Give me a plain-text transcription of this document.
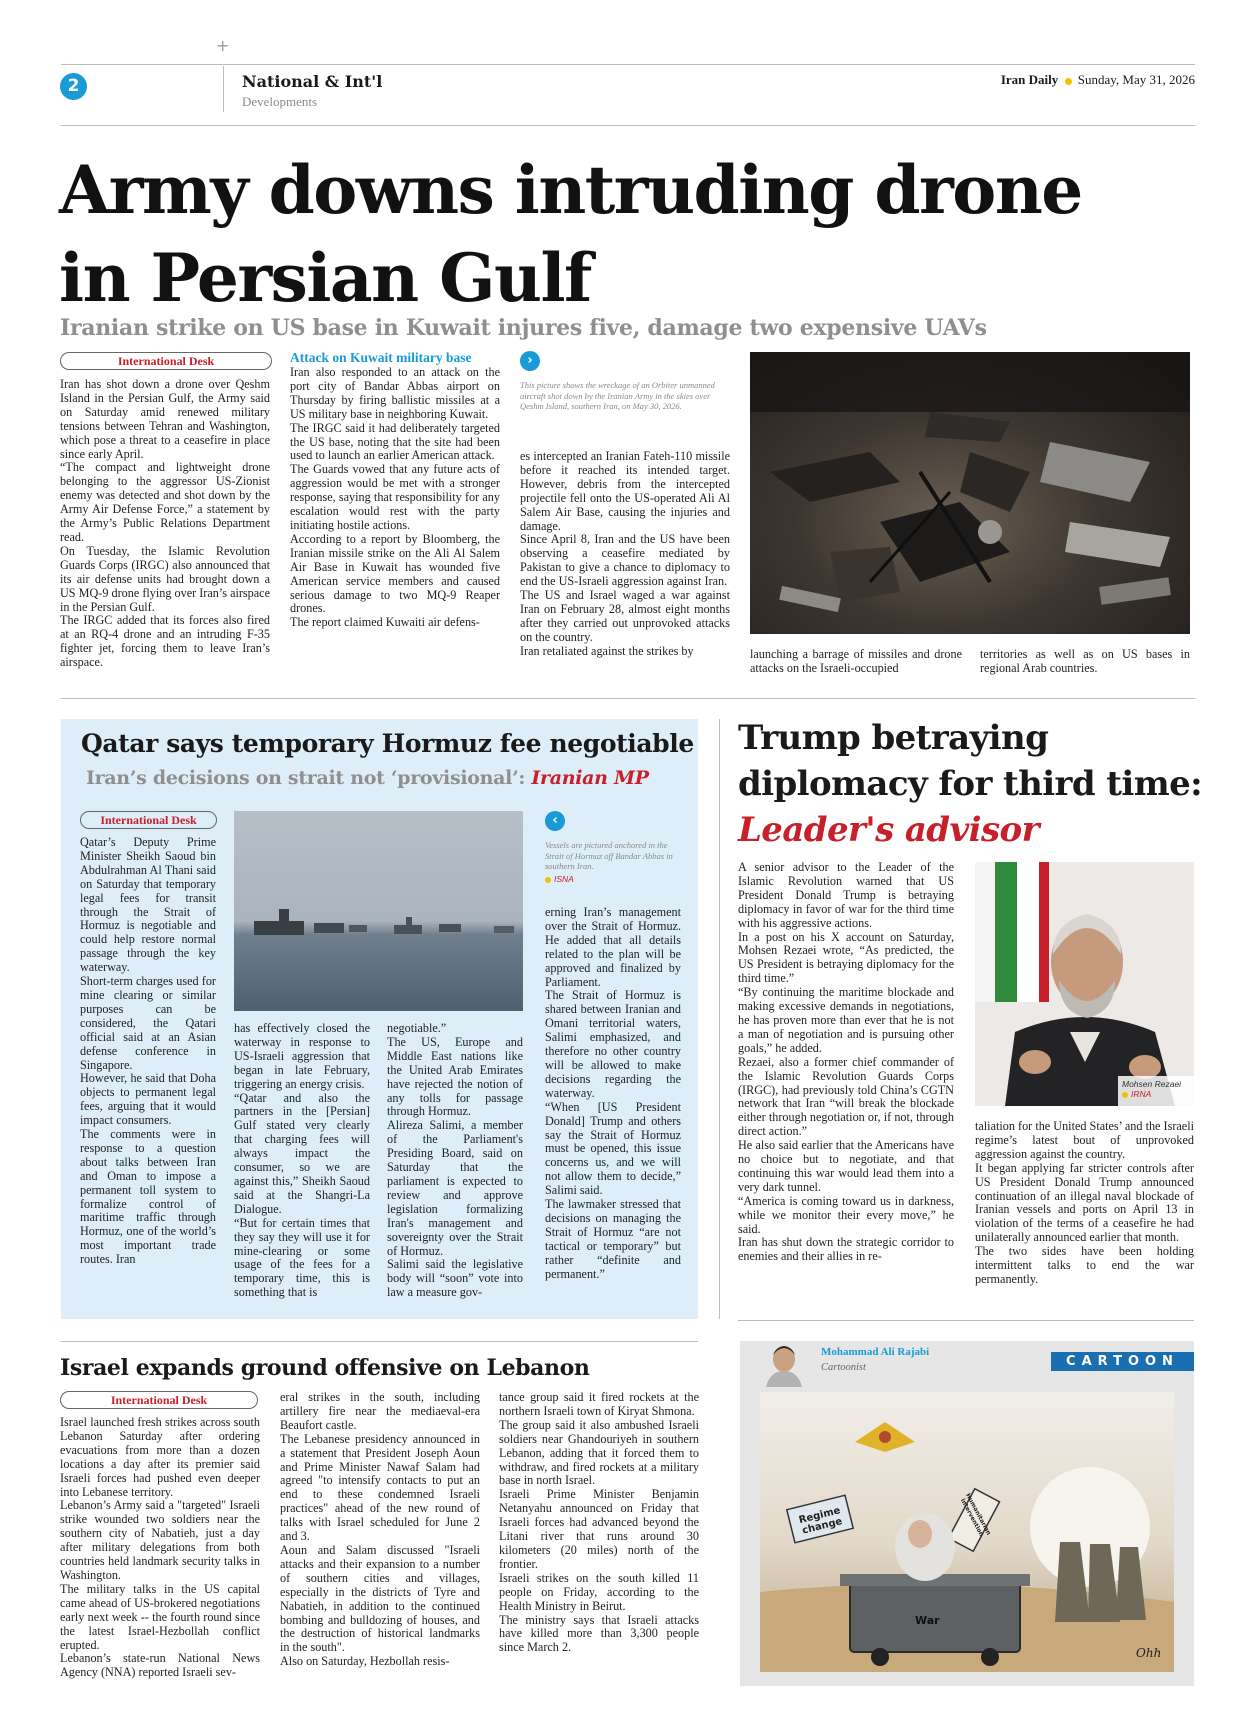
+
2	National & Int'l
Developments
Iran Daily Sunday, May 31, 2026
Army downs intruding drone
in Persian Gulf
Iranian strike on US base in Kuwait injures five, damage two expensive UAVs
International Desk

Iran has shot down a drone over Qeshm Island in the Persian Gulf, the Army said on Saturday amid renewed military tensions between Tehran and Washington, which pose a threat to a ceasefire in place since early April.
“The compact and lightweight drone belonging to the aggressor US-Zionist enemy was detected and shot down by the Army Air Defense Force,” a statement by the Army’s Public Relations Department read.
On Tuesday, the Islamic Revolution Guards Corps (IRGC) also announced that its air defense units had brought down a US MQ-9 drone flying over Iran’s airspace in the Persian Gulf.
The IRGC added that its forces also fired at an RQ-4 drone and an intruding F-35 fighter jet, forcing them to leave Iran’s airspace.

Attack on Kuwait military base

Iran also responded to an attack on the port city of Bandar Abbas airport on Thursday by firing ballistic missiles at a US military base in neighboring Kuwait.
The IRGC said it had deliberately targeted the US base, noting that the site had been used to launch an earlier American attack.
The Guards vowed that any future acts of aggression would be met with a stronger response, saying that responsibility for any escalation would rest with the party initiating hostile actions.
According to a report by Bloomberg, the Iranian missile strike on the Ali Al Salem Air Base in Kuwait has wounded five American service members and caused serious damage to two MQ-9 Reaper drones.
The report claimed Kuwaiti air defens-

›
This picture shows the wreckage of an Orbiter unmanned aircraft shot down by the Iranian Army in the skies over Qeshm Island, southern Iran, on May 30, 2026.

es intercepted an Iranian Fateh-110 missile before it reached its intended target. However, debris from the intercepted projectile fell onto the US-operated Ali Al Salem Air Base, causing the injuries and damage.
Since April 8, Iran and the US have been observing a ceasefire mediated by Pakistan to give a chance to diplomacy to end the US-Israeli aggression against Iran.
The US and Israel waged a war against Iran on February 28, almost eight months after they carried out unprovoked attacks on the country.
Iran retaliated against the strikes by	launching a barrage of missiles and drone attacks on the Israeli-occupied

territories as well as on US bases in regional Arab countries.

Qatar says temporary Hormuz fee negotiable
Iran’s decisions on strait not ‘provisional’: Iranian MP
International Desk

Qatar’s Deputy Prime Minister Sheikh Saoud bin Abdulrahman Al Thani said on Saturday that temporary legal fees for transit through the Strait of Hormuz is negotiable and could help restore normal passage through the key waterway.
Short-term charges used for mine clearing or similar purposes can be considered, the Qatari official said at an Asian defense conference in Singapore.
However, he said that Doha objects to permanent legal fees, arguing that it would impact consumers.
The comments were in response to a question about talks between Iran and Oman to impose a permanent toll system to formalize control of maritime traffic through Hormuz, one of the world’s most important trade routes. Iran

has effectively closed the waterway in response to US-Israeli aggression that began in late February, triggering an energy crisis.
“Qatar and also the partners in the [Persian] Gulf stated very clearly that charging fees will always impact the consumer, so we are against this,” Sheikh Saoud said at the Shangri-La Dialogue.
“But for certain times that they say they will use it for mine-clearing or some usage of the fees for a temporary time, this is something that is

negotiable.”
The US, Europe and Middle East nations like the United Arab Emirates have rejected the notion of any tolls for passage through Hormuz.
Alireza Salimi, a member of the Parliament's Presiding Board, said on Saturday that the parliament is expected to review and approve legislation formalizing Iran's management and sovereignty over the Strait of Hormuz.
Salimi said the legislative body will “soon” vote into law a measure gov-

‹
Vessels are pictured anchored in the Strait of Hormuz off Bandar Abbas in southern Iran.
ISNA

erning Iran’s management over the Strait of Hormuz. He added that all details related to the plan will be approved and finalized by Parliament.
The Strait of Hormuz is shared between Iranian and Omani territorial waters, Salimi emphasized, and therefore no other country will be allowed to make decisions regarding the waterway.
“When [US President Donald] Trump and others say the Strait of Hormuz must be opened, this issue concerns us, and we will not allow them to decide,” Salimi said.
The lawmaker stressed that decisions on managing the Strait of Hormuz “are not tactical or temporary” but rather “definite and permanent.”

Trump betraying
diplomacy for third time:
Leader's advisor

A senior advisor to the Leader of the Islamic Revolution warned that US President Donald Trump is betraying diplomacy in favor of war for the third time with his aggressive actions.
In a post on his X account on Saturday, Mohsen Rezaei wrote, “As predicted, the US President is betraying diplomacy for the third time.”
“By continuing the maritime blockade and making excessive demands in negotiations, he has proven more than ever that he is not a man of negotiation and is pursuing other goals,” he added.
Rezaei, also a former chief commander of the Islamic Revolution Guards Corps (IRGC), had previously told China’s CGTN network that Iran “will break the blockade either through negotiation or, if not, through direct action.”
He also said earlier that the Americans have no choice but to negotiate, and that continuing this war would lead them into a very dark tunnel.
“America is coming toward us in darkness, while we monitor their every move,” he said.
Iran has shut down the strategic corridor to enemies and their allies in re-

Mohsen Rezaei
IRNA

taliation for the United States’ and the Israeli regime’s latest bout of unprovoked aggression against the country.
It began applying far stricter controls after US President Donald Trump announced continuation of an illegal naval blockade of Iranian vessels and ports on April 13 in violation of the terms of a ceasefire he had unilaterally announced earlier that month.
The two sides have been holding intermittent talks to end the war permanently.

Israel expands ground offensive on Lebanon
International Desk

Israel launched fresh strikes across south Lebanon Saturday after ordering evacuations from more than a dozen locations a day after its premier said Israeli forces had pushed even deeper into Lebanese territory.
Lebanon’s Army said a "targeted" Israeli strike wounded two soldiers near the southern city of Nabatieh, just a day after military delegations from both countries held landmark security talks in Washington.
The military talks in the US capital came ahead of US-brokered negotiations early next week -- the fourth round since the latest Israel-Hezbollah conflict erupted.
Lebanon’s state-run National News Agency (NNA) reported Israeli sev-

eral strikes in the south, including artillery fire near the mediaeval-era Beaufort castle.
The Lebanese presidency announced in a statement that President Joseph Aoun and Prime Minister Nawaf Salam had agreed "to intensify contacts to put an end to these condemned Israeli practices" ahead of the new round of talks with Israel scheduled for June 2 and 3.
Aoun and Salam discussed "Israeli attacks and their expansion to a number of southern cities and villages, especially in the districts of Tyre and Nabatieh, in addition to the continued bombing and bulldozing of houses, and the destruction of historical landmarks in the south".
Also on Saturday, Hezbollah resis-

tance group said it fired rockets at the northern Israeli town of Kiryat Shmona.
The group said it also ambushed Israeli soldiers near Ghandouriyeh in southern Lebanon, adding that it forced them to withdraw, and fired rockets at a military base in north Israel.
Israeli Prime Minister Benjamin Netanyahu announced on Friday that Israeli forces had advanced beyond the Litani river that runs around 30 kilometers (20 miles) north of the frontier.
Israeli strikes on the south killed 11 people on Friday, according to the Health Ministry in Beirut.
The ministry says that Israeli attacks have killed more than 3,300 people since March 2.

Mohammad Ali Rajabi
Cartoonist	CARTOON
Regime change	Humanitarian intervention
War
Ohh
